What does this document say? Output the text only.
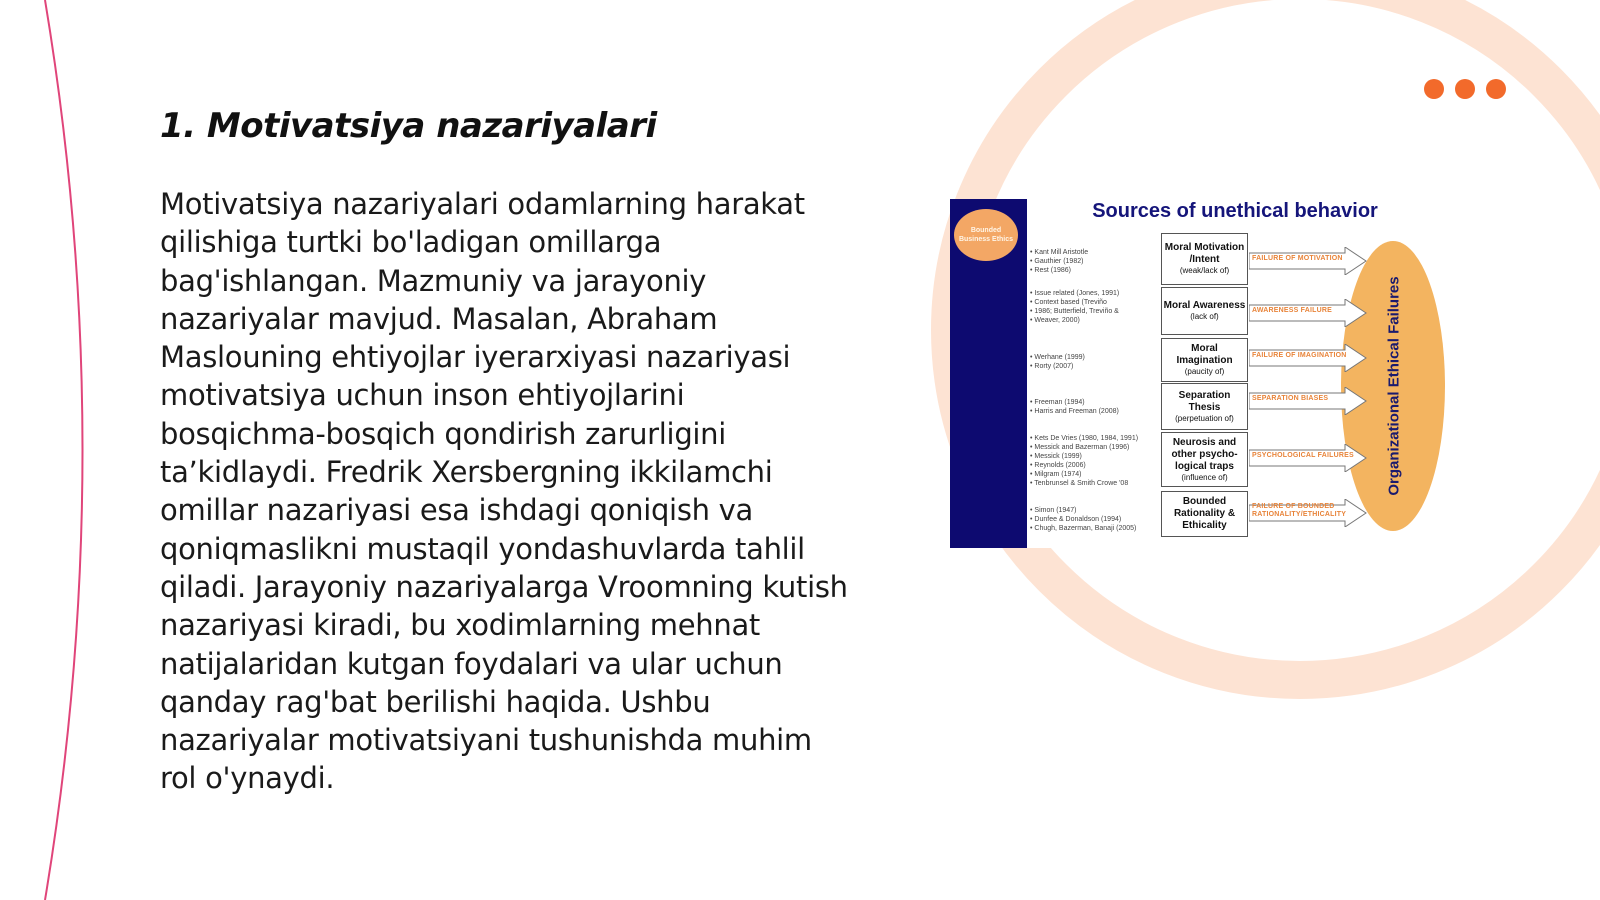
1. Motivatsiya nazariyalari

Motivatsiya nazariyalari odamlarning harakat qilishiga turtki bo'ladigan omillarga bag'ishlangan. Mazmuniy va jarayoniy nazariyalar mavjud. Masalan, Abraham Maslouning ehtiyojlar iyerarxiyasi nazariyasi motivatsiya uchun inson ehtiyojlarini bosqichma-bosqich qondirish zarurligini ta’kidlaydi. Fredrik Xersbergning ikkilamchi omillar nazariyasi esa ishdagi qoniqish va qoniqmaslikni mustaqil yondashuvlarda tahlil qiladi. Jarayoniy nazariyalarga Vroomning kutish nazariyasi kiradi, bu xodimlarning mehnat natijalaridan kutgan foydalari va ular uchun qanday rag'bat berilishi haqida. Ushbu nazariyalar motivatsiyani tushunishda muhim rol o'ynaydi.

Bounded Business Ethics
Sources of unethical behavior
Organizational Ethical Failures
• Kant Mill Aristotle
• Gauthier (1982)
• Rest (1986)
Moral Motivation /Intent
(weak/lack of)
FAILURE OF MOTIVATION
• Issue related (Jones, 1991)
• Context based (Treviño
• 1986; Butterfield, Treviño &
• Weaver, 2000)
Moral Awareness
(lack of)
AWARENESS FAILURE
• Werhane (1999)
• Rorty (2007)
Moral Imagination
(paucity of)
FAILURE OF IMAGINATION
• Freeman (1994)
• Harris and Freeman (2008)
Separation Thesis
(perpetuation of)
SEPARATION BIASES
• Kets De Vries (1980, 1984, 1991)
• Messick and Bazerman (1996)
• Messick (1999)
• Reynolds (2006)
• Milgram (1974)
• Tenbrunsel & Smith Crowe '08
Neurosis and other psycho-logical traps
(influence of)
PSYCHOLOGICAL FAILURES
• Simon (1947)
• Dunfee & Donaldson (1994)
• Chugh, Bazerman, Banaji (2005)
Bounded Rationality & Ethicality
FAILURE OF BOUNDED RATIONALITY/ETHICALITY
